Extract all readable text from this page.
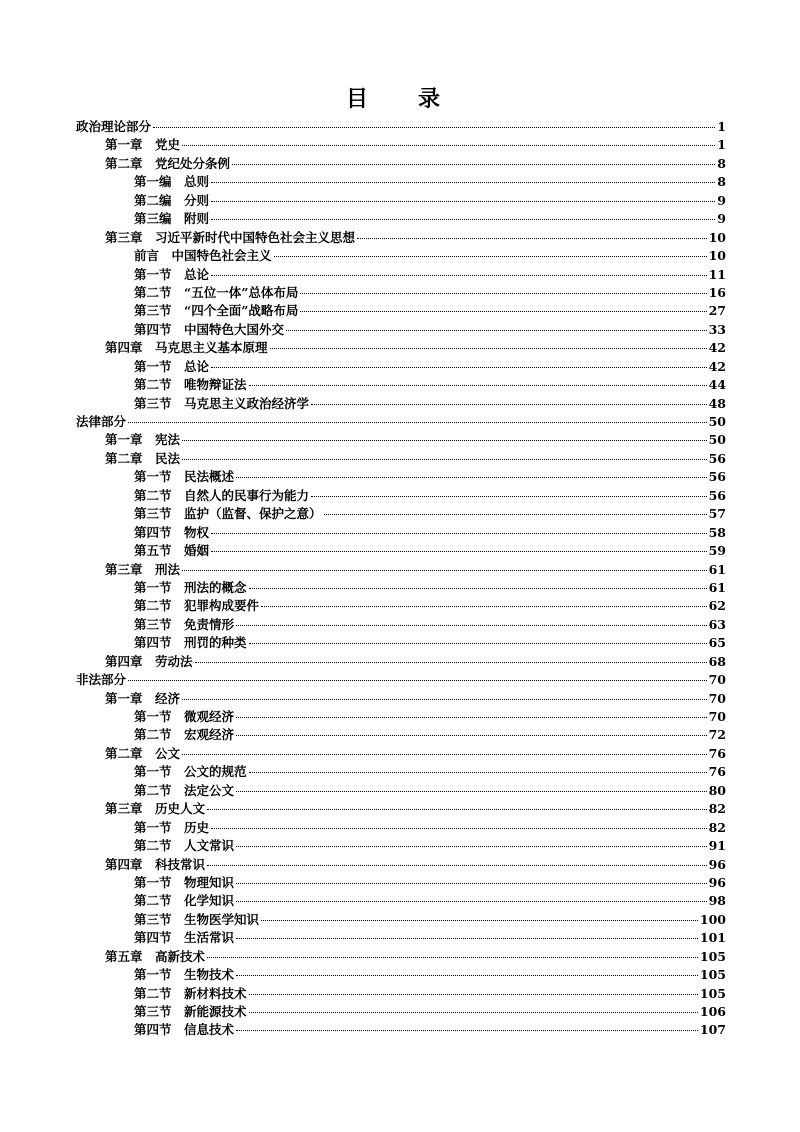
目　录
政治理论部分	1
第一章　党史	1
第二章　党纪处分条例	8
第一编　总则	8
第二编　分则	9
第三编　附则	9
第三章　习近平新时代中国特色社会主义思想	10
前言　中国特色社会主义	10
第一节　总论	11
第二节　“五位一体”总体布局	16
第三节　“四个全面”战略布局	27
第四节　中国特色大国外交	33
第四章　马克思主义基本原理	42
第一节　总论	42
第二节　唯物辩证法	44
第三节　马克思主义政治经济学	48
法律部分	50
第一章　宪法	50
第二章　民法	56
第一节　民法概述	56
第二节　自然人的民事行为能力	56
第三节　监护（监督、保护之意）	57
第四节　物权	58
第五节　婚姻	59
第三章　刑法	61
第一节　刑法的概念	61
第二节　犯罪构成要件	62
第三节　免责情形	63
第四节　刑罚的种类	65
第四章　劳动法	68
非法部分	70
第一章　经济	70
第一节　微观经济	70
第二节　宏观经济	72
第二章　公文	76
第一节　公文的规范	76
第二节　法定公文	80
第三章　历史人文	82
第一节　历史	82
第二节　人文常识	91
第四章　科技常识	96
第一节　物理知识	96
第二节　化学知识	98
第三节　生物医学知识	100
第四节　生活常识	101
第五章　高新技术	105
第一节　生物技术	105
第二节　新材料技术	105
第三节　新能源技术	106
第四节　信息技术	107
